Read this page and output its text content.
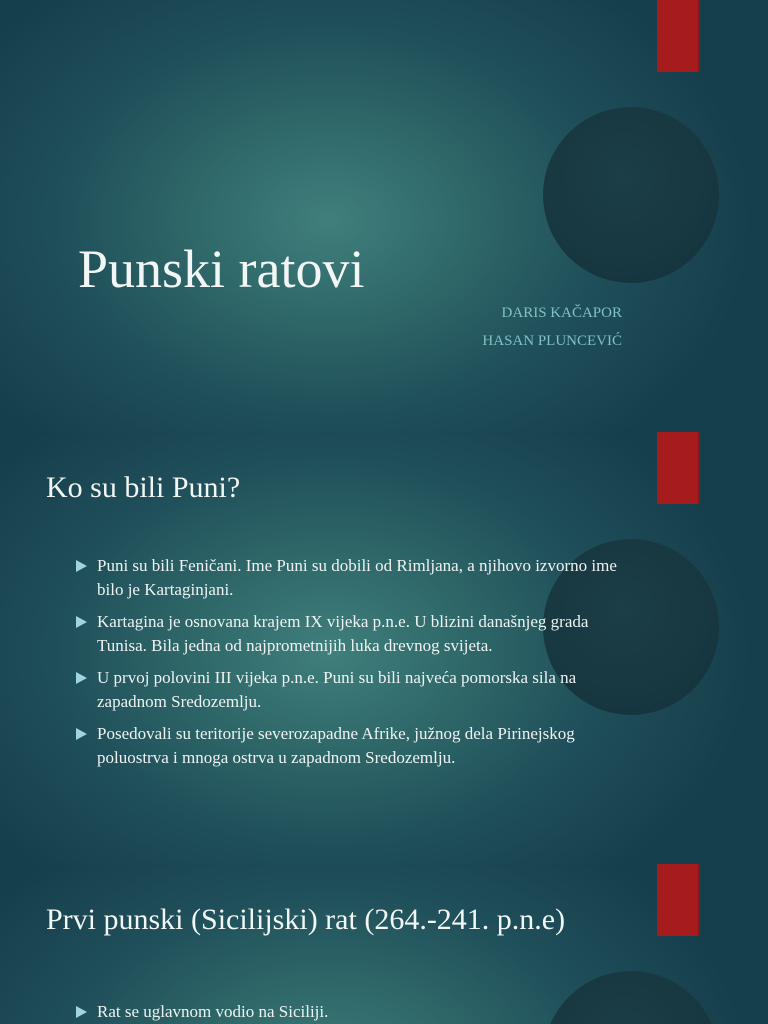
Punski ratovi
DARIS KAČAPOR
HASAN PLUNCEVIĆ
Ko su bili Puni?
Puni su bili Feničani. Ime Puni su dobili od Rimljana, a njihovo izvorno ime bilo je Kartaginjani.
Kartagina je osnovana krajem IX vijeka p.n.e. U blizini današnjeg grada Tunisa. Bila jedna od najprometnijih luka drevnog svijeta.
U prvoj polovini III vijeka p.n.e. Puni su bili najveća pomorska sila na zapadnom Sredozemlju.
Posedovali su teritorije severozapadne Afrike, južnog dela Pirinejskog poluostrva i mnoga ostrva u zapadnom Sredozemlju.
Prvi punski (Sicilijski) rat (264.-241. p.n.e)
Rat se uglavnom vodio na Siciliji.
